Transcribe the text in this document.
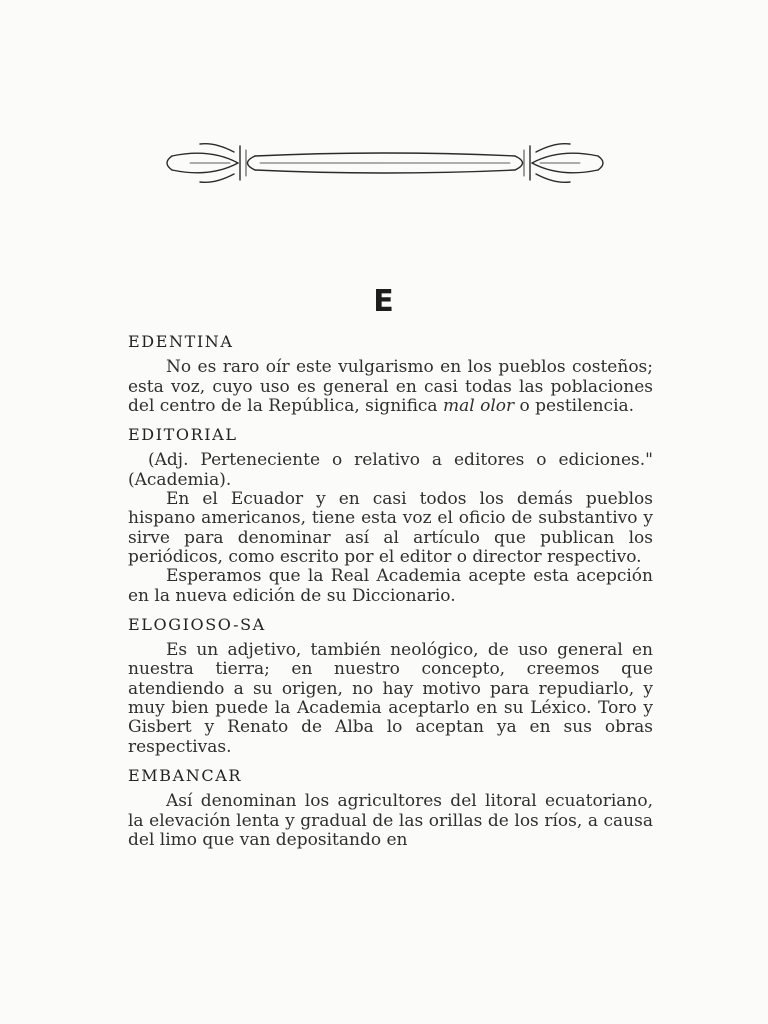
E
EDENTINA

No es raro oír este vulgarismo en los pueblos costeños; esta voz, cuyo uso es general en casi todas las poblaciones del centro de la República, significa mal olor o pestilencia.

EDITORIAL

(Adj. Perteneciente o relativo a editores o ediciones." (Academia).

En el Ecuador y en casi todos los demás pueblos hispano americanos, tiene esta voz el oficio de substantivo y sirve para denominar así al artículo que publican los periódicos, como escrito por el editor o director respectivo.

Esperamos que la Real Academia acepte esta acepción en la nueva edición de su Diccionario.

ELOGIOSO-SA

Es un adjetivo, también neológico, de uso general en nuestra tierra; en nuestro concepto, creemos que atendiendo a su origen, no hay motivo para repudiarlo, y muy bien puede la Academia aceptarlo en su Léxico. Toro y Gisbert y Renato de Alba lo aceptan ya en sus obras respectivas.

EMBANCAR

Así denominan los agricultores del litoral ecuatoriano, la elevación lenta y gradual de las orillas de los ríos, a causa del limo que van depositando en
